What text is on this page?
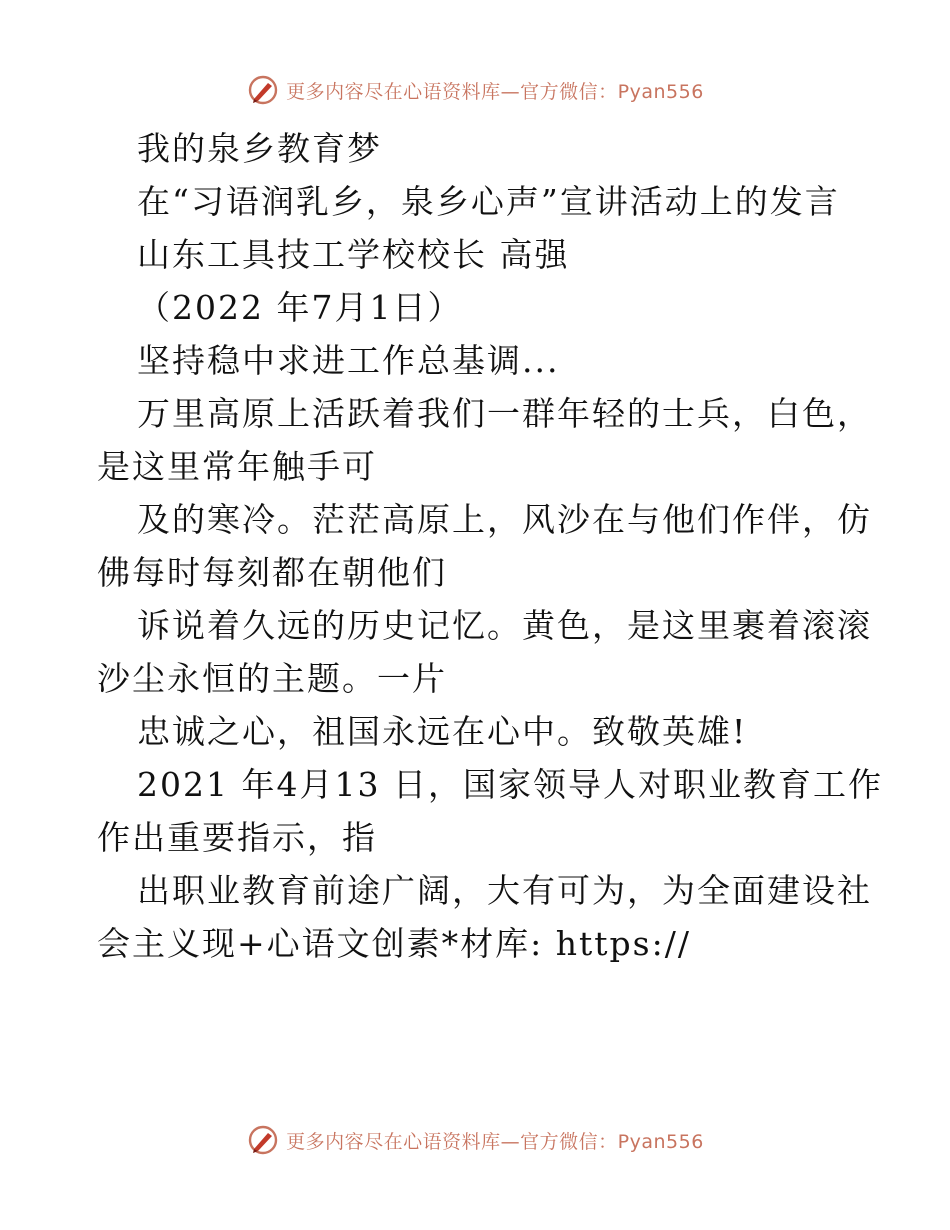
更多内容尽在心语资料库—官方微信：Pyan556
我的泉乡教育梦
在“习语润乳乡，泉乡心声”宣讲活动上的发言
山东工具技工学校校长 高强
（2022 年7月1日）
坚持稳中求进工作总基调...
万里高原上活跃着我们一群年轻的士兵，白色，
是这里常年触手可
及的寒冷。茫茫高原上，风沙在与他们作伴，仿
佛每时每刻都在朝他们
诉说着久远的历史记忆。黄色，是这里裹着滚滚
沙尘永恒的主题。一片
忠诚之心，祖国永远在心中。致敬英雄!
2021 年4月13 日，国家领导人对职业教育工作
作出重要指示，指
出职业教育前途广阔，大有可为，为全面建设社
会主义现+心语文创素*材库: https://
更多内容尽在心语资料库—官方微信：Pyan556
